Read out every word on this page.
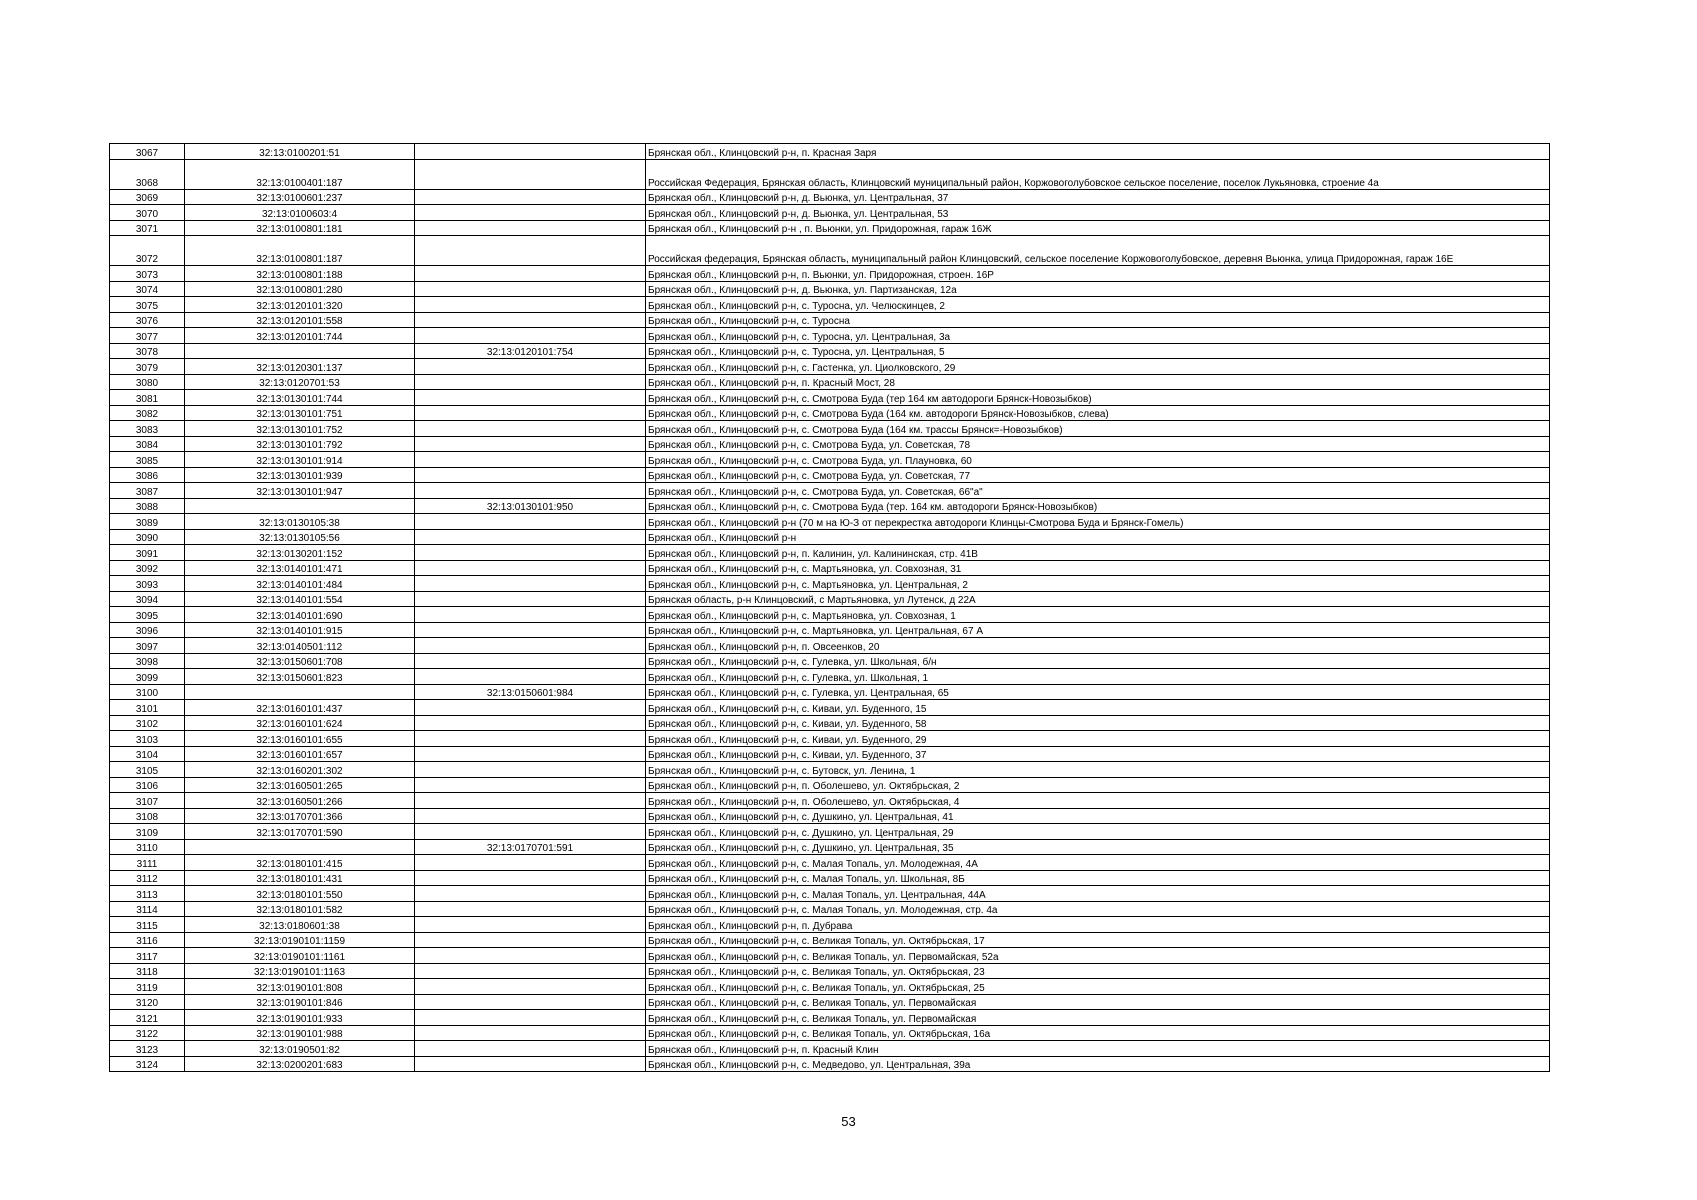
3067	32:13:0100201:51		Брянская обл., Клинцовский р-н, п. Красная Заря
3068	32:13:0100401:187		Российская Федерация, Брянская область, Клинцовский муниципальный район, Коржовоголубовское сельское поселение, поселок Лукьяновка, строение 4а
3069	32:13:0100601:237		Брянская обл., Клинцовский р-н, д. Вьюнка, ул. Центральная, 37
3070	32:13:0100603:4		Брянская обл., Клинцовский р-н, д. Вьюнка, ул. Центральная, 53
3071	32:13:0100801:181		Брянская обл., Клинцовский р-н , п. Вьюнки, ул. Придорожная, гараж 16Ж
3072	32:13:0100801:187		Российская федерация, Брянская область, муниципальный район Клинцовский, сельское поселение Коржовоголубовское, деревня Вьюнка, улица Придорожная, гараж 16Е
3073	32:13:0100801:188		Брянская обл., Клинцовский р-н, п. Вьюнки, ул. Придорожная, строен. 16Р
3074	32:13:0100801:280		Брянская обл., Клинцовский р-н, д. Вьюнка, ул. Партизанская, 12а
3075	32:13:0120101:320		Брянская обл., Клинцовский р-н, с. Туросна, ул. Челюскинцев, 2
3076	32:13:0120101:558		Брянская обл., Клинцовский р-н, с. Туросна
3077	32:13:0120101:744		Брянская обл., Клинцовский р-н, с. Туросна, ул. Центральная, 3а
3078		32:13:0120101:754	Брянская обл., Клинцовский р-н, с. Туросна, ул. Центральная, 5
3079	32:13:0120301:137		Брянская обл., Клинцовский р-н, с. Гастенка, ул. Циолковского, 29
3080	32:13:0120701:53		Брянская обл., Клинцовский р-н, п. Красный Мост, 28
3081	32:13:0130101:744		Брянская обл., Клинцовский р-н, с. Смотрова Буда (тер 164 км автодороги Брянск-Новозыбков)
3082	32:13:0130101:751		Брянская обл., Клинцовский р-н, с. Смотрова Буда (164 км. автодороги Брянск-Новозыбков, слева)
3083	32:13:0130101:752		Брянская обл., Клинцовский р-н, с. Смотрова Буда (164 км. трассы Брянск=-Новозыбков)
3084	32:13:0130101:792		Брянская обл., Клинцовский р-н, с. Смотрова Буда, ул. Советская, 78
3085	32:13:0130101:914		Брянская обл., Клинцовский р-н, с. Смотрова Буда, ул. Плауновка, 60
3086	32:13:0130101:939		Брянская обл., Клинцовский р-н, с. Смотрова Буда, ул. Советская, 77
3087	32:13:0130101:947		Брянская обл., Клинцовский р-н, с. Смотрова Буда, ул. Советская, 66"а"
3088		32:13:0130101:950	Брянская обл., Клинцовский р-н, с. Смотрова Буда (тер. 164 км. автодороги Брянск-Новозыбков)
3089	32:13:0130105:38		Брянская обл., Клинцовский р-н (70 м на Ю-З от перекрестка автодороги Клинцы-Смотрова Буда и Брянск-Гомель)
3090	32:13:0130105:56		Брянская обл., Клинцовский р-н
3091	32:13:0130201:152		Брянская обл., Клинцовский р-н, п. Калинин, ул. Калининская, стр. 41В
3092	32:13:0140101:471		Брянская обл., Клинцовский р-н, с. Мартьяновка, ул. Совхозная, 31
3093	32:13:0140101:484		Брянская обл., Клинцовский р-н, с. Мартьяновка, ул. Центральная, 2
3094	32:13:0140101:554		Брянская область, р-н Клинцовский, с Мартьяновка, ул Лутенск, д 22А
3095	32:13:0140101:690		Брянская обл., Клинцовский р-н, с. Мартьяновка, ул. Совхозная, 1
3096	32:13:0140101:915		Брянская обл., Клинцовский р-н, с. Мартьяновка, ул. Центральная, 67 А
3097	32:13:0140501:112		Брянская обл., Клинцовский р-н, п. Овсеенков, 20
3098	32:13:0150601:708		Брянская обл., Клинцовский р-н, с. Гулевка, ул. Школьная, б/н
3099	32:13:0150601:823		Брянская обл., Клинцовский р-н, с. Гулевка, ул. Школьная, 1
3100		32:13:0150601:984	Брянская обл., Клинцовский р-н, с. Гулевка, ул. Центральная, 65
3101	32:13:0160101:437		Брянская обл., Клинцовский р-н, с. Киваи, ул. Буденного, 15
3102	32:13:0160101:624		Брянская обл., Клинцовский р-н, с. Киваи, ул. Буденного, 58
3103	32:13:0160101:655		Брянская обл., Клинцовский р-н, с. Киваи, ул. Буденного, 29
3104	32:13:0160101:657		Брянская обл., Клинцовский р-н, с. Киваи, ул. Буденного, 37
3105	32:13:0160201:302		Брянская обл., Клинцовский р-н, с. Бутовск, ул. Ленина, 1
3106	32:13:0160501:265		Брянская обл., Клинцовский р-н, п. Оболешево, ул. Октябрьская, 2
3107	32:13:0160501:266		Брянская обл., Клинцовский р-н, п. Оболешево, ул. Октябрьская, 4
3108	32:13:0170701:366		Брянская обл., Клинцовский р-н, с. Душкино, ул. Центральная, 41
3109	32:13:0170701:590		Брянская обл., Клинцовский р-н, с. Душкино, ул. Центральная, 29
3110		32:13:0170701:591	Брянская обл., Клинцовский р-н, с. Душкино, ул. Центральная, 35
3111	32:13:0180101:415		Брянская обл., Клинцовский р-н, с. Малая Топаль, ул. Молодежная, 4А
3112	32:13:0180101:431		Брянская обл., Клинцовский р-н, с. Малая Топаль, ул. Школьная, 8Б
3113	32:13:0180101:550		Брянская обл., Клинцовский р-н, с. Малая Топаль, ул. Центральная, 44А
3114	32:13:0180101:582		Брянская обл., Клинцовский р-н, с. Малая Топаль, ул. Молодежная, стр. 4а
3115	32:13:0180601:38		Брянская обл., Клинцовский р-н, п. Дубрава
3116	32:13:0190101:1159		Брянская обл., Клинцовский р-н, с. Великая Топаль, ул. Октябрьская, 17
3117	32:13:0190101:1161		Брянская обл., Клинцовский р-н, с. Великая Топаль, ул. Первомайская, 52а
3118	32:13:0190101:1163		Брянская обл., Клинцовский р-н, с. Великая Топаль, ул. Октябрьская, 23
3119	32:13:0190101:808		Брянская обл., Клинцовский р-н, с. Великая Топаль, ул. Октябрьская, 25
3120	32:13:0190101:846		Брянская обл., Клинцовский р-н, с. Великая Топаль, ул. Первомайская
3121	32:13:0190101:933		Брянская обл., Клинцовский р-н, с. Великая Топаль, ул. Первомайская
3122	32:13:0190101:988		Брянская обл., Клинцовский р-н, с. Великая Топаль, ул. Октябрьская, 16а
3123	32:13:0190501:82		Брянская обл., Клинцовский р-н, п. Красный Клин
3124	32:13:0200201:683		Брянская обл., Клинцовский р-н, с. Медведово, ул. Центральная, 39а
53
